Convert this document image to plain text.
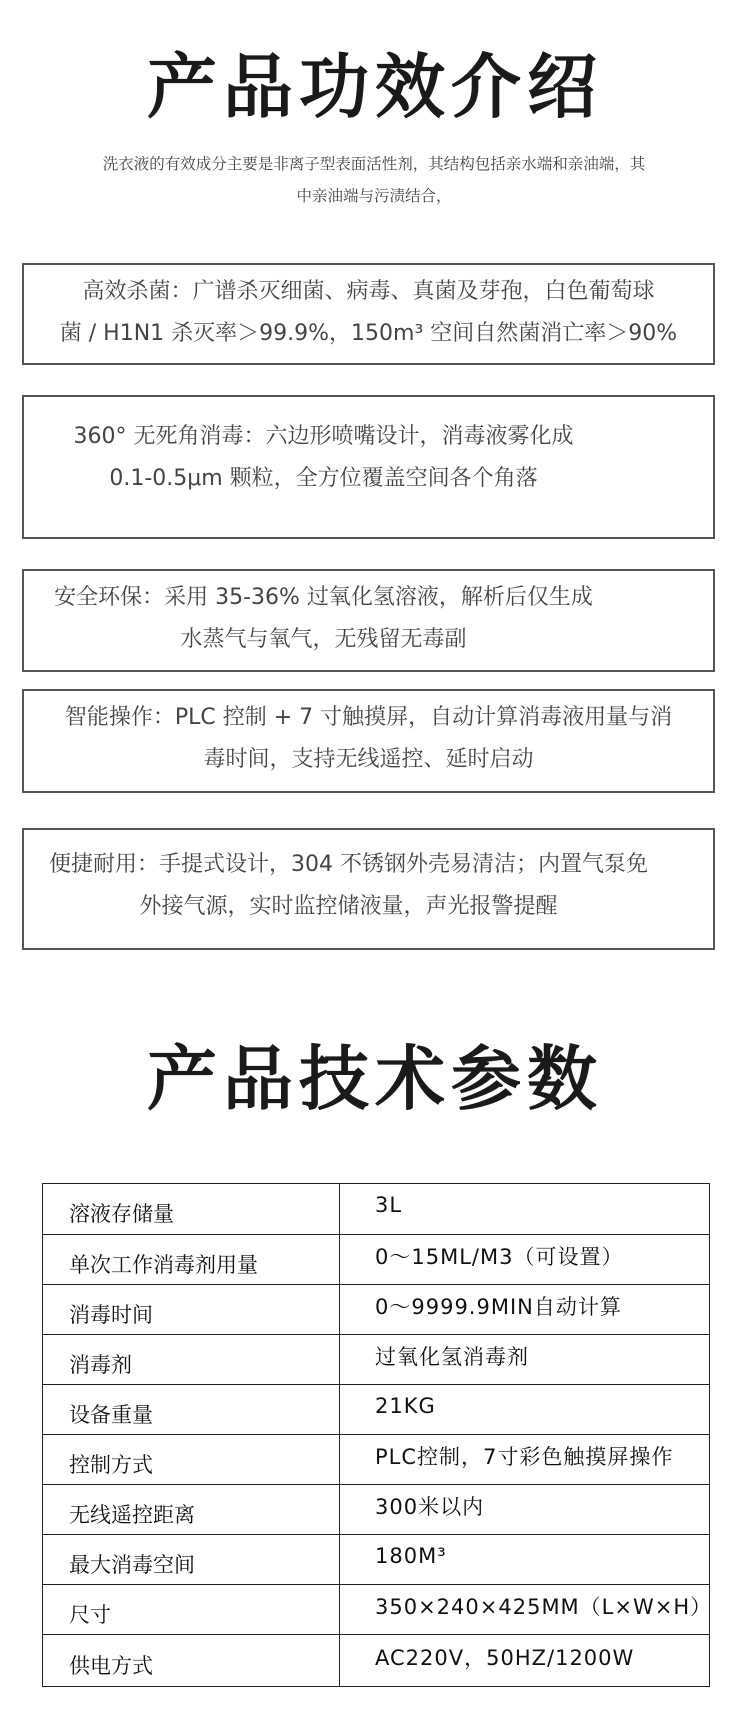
产品功效介绍
洗衣液的有效成分主要是非离子型表面活性剂，其结构包括亲水端和亲油端，其
中亲油端与污渍结合，
高效杀菌：广谱杀灭细菌、病毒、真菌及芽孢，白色葡萄球
菌 / H1N1 杀灭率＞99.9%，150m³ 空间自然菌消亡率＞90%
360° 无死角消毒：六边形喷嘴设计，消毒液雾化成
0.1-0.5μm 颗粒，全方位覆盖空间各个角落
安全环保：采用 35-36% 过氧化氢溶液，解析后仅生成
水蒸气与氧气，无残留无毒副
智能操作：PLC 控制 + 7 寸触摸屏，自动计算消毒液用量与消
毒时间，支持无线遥控、延时启动
便捷耐用：手提式设计，304 不锈钢外壳易清洁；内置气泵免
外接气源，实时监控储液量，声光报警提醒
产品技术参数
溶液存储量	3L
单次工作消毒剂用量	0～15ML/M3（可设置）
消毒时间	0～9999.9MIN自动计算
消毒剂	过氧化氢消毒剂
设备重量	21KG
控制方式	PLC控制，7寸彩色触摸屏操作
无线遥控距离	300米以内
最大消毒空间	180M³
尺寸	350×240×425MM（L×W×H）
供电方式	AC220V，50HZ/1200W
